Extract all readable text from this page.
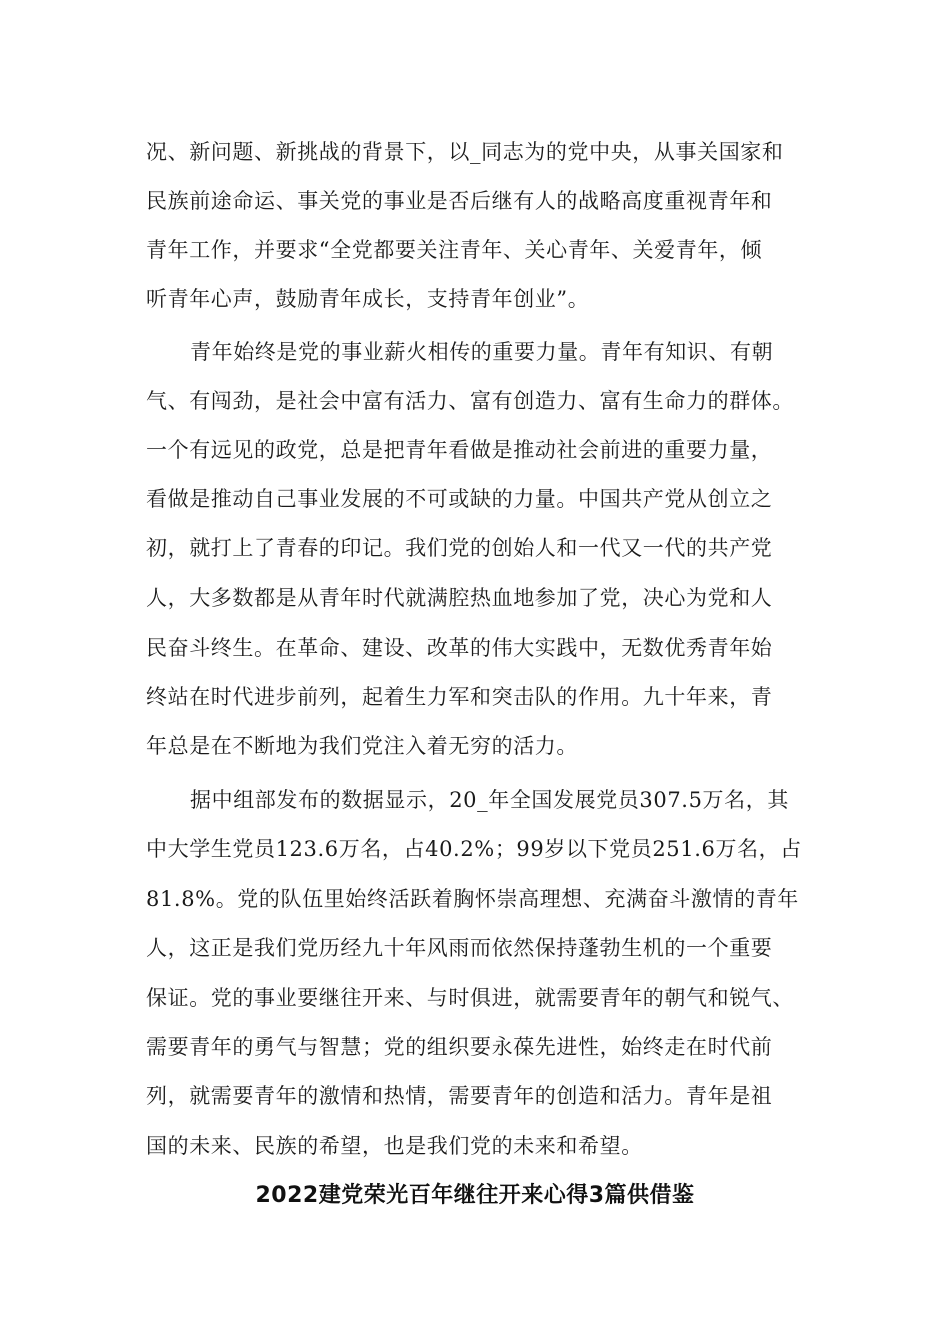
况、新问题、新挑战的背景下，以_同志为的党中央，从事关国家和
民族前途命运、事关党的事业是否后继有人的战略高度重视青年和
青年工作，并要求“全党都要关注青年、关心青年、关爱青年，倾
听青年心声，鼓励青年成长，支持青年创业”。
青年始终是党的事业薪火相传的重要力量。青年有知识、有朝
气、有闯劲，是社会中富有活力、富有创造力、富有生命力的群体。
一个有远见的政党，总是把青年看做是推动社会前进的重要力量，
看做是推动自己事业发展的不可或缺的力量。中国共产党从创立之
初，就打上了青春的印记。我们党的创始人和一代又一代的共产党
人，大多数都是从青年时代就满腔热血地参加了党，决心为党和人
民奋斗终生。在革命、建设、改革的伟大实践中，无数优秀青年始
终站在时代进步前列，起着生力军和突击队的作用。九十年来，青
年总是在不断地为我们党注入着无穷的活力。
据中组部发布的数据显示，20_年全国发展党员307.5万名，其
中大学生党员123.6万名，占40.2%；99岁以下党员251.6万名，占
81.8%。党的队伍里始终活跃着胸怀崇高理想、充满奋斗激情的青年
人，这正是我们党历经九十年风雨而依然保持蓬勃生机的一个重要
保证。党的事业要继往开来、与时俱进，就需要青年的朝气和锐气、
需要青年的勇气与智慧；党的组织要永葆先进性，始终走在时代前
列，就需要青年的激情和热情，需要青年的创造和活力。青年是祖
国的未来、民族的希望，也是我们党的未来和希望。
2022建党荣光百年继往开来心得3篇供借鉴
